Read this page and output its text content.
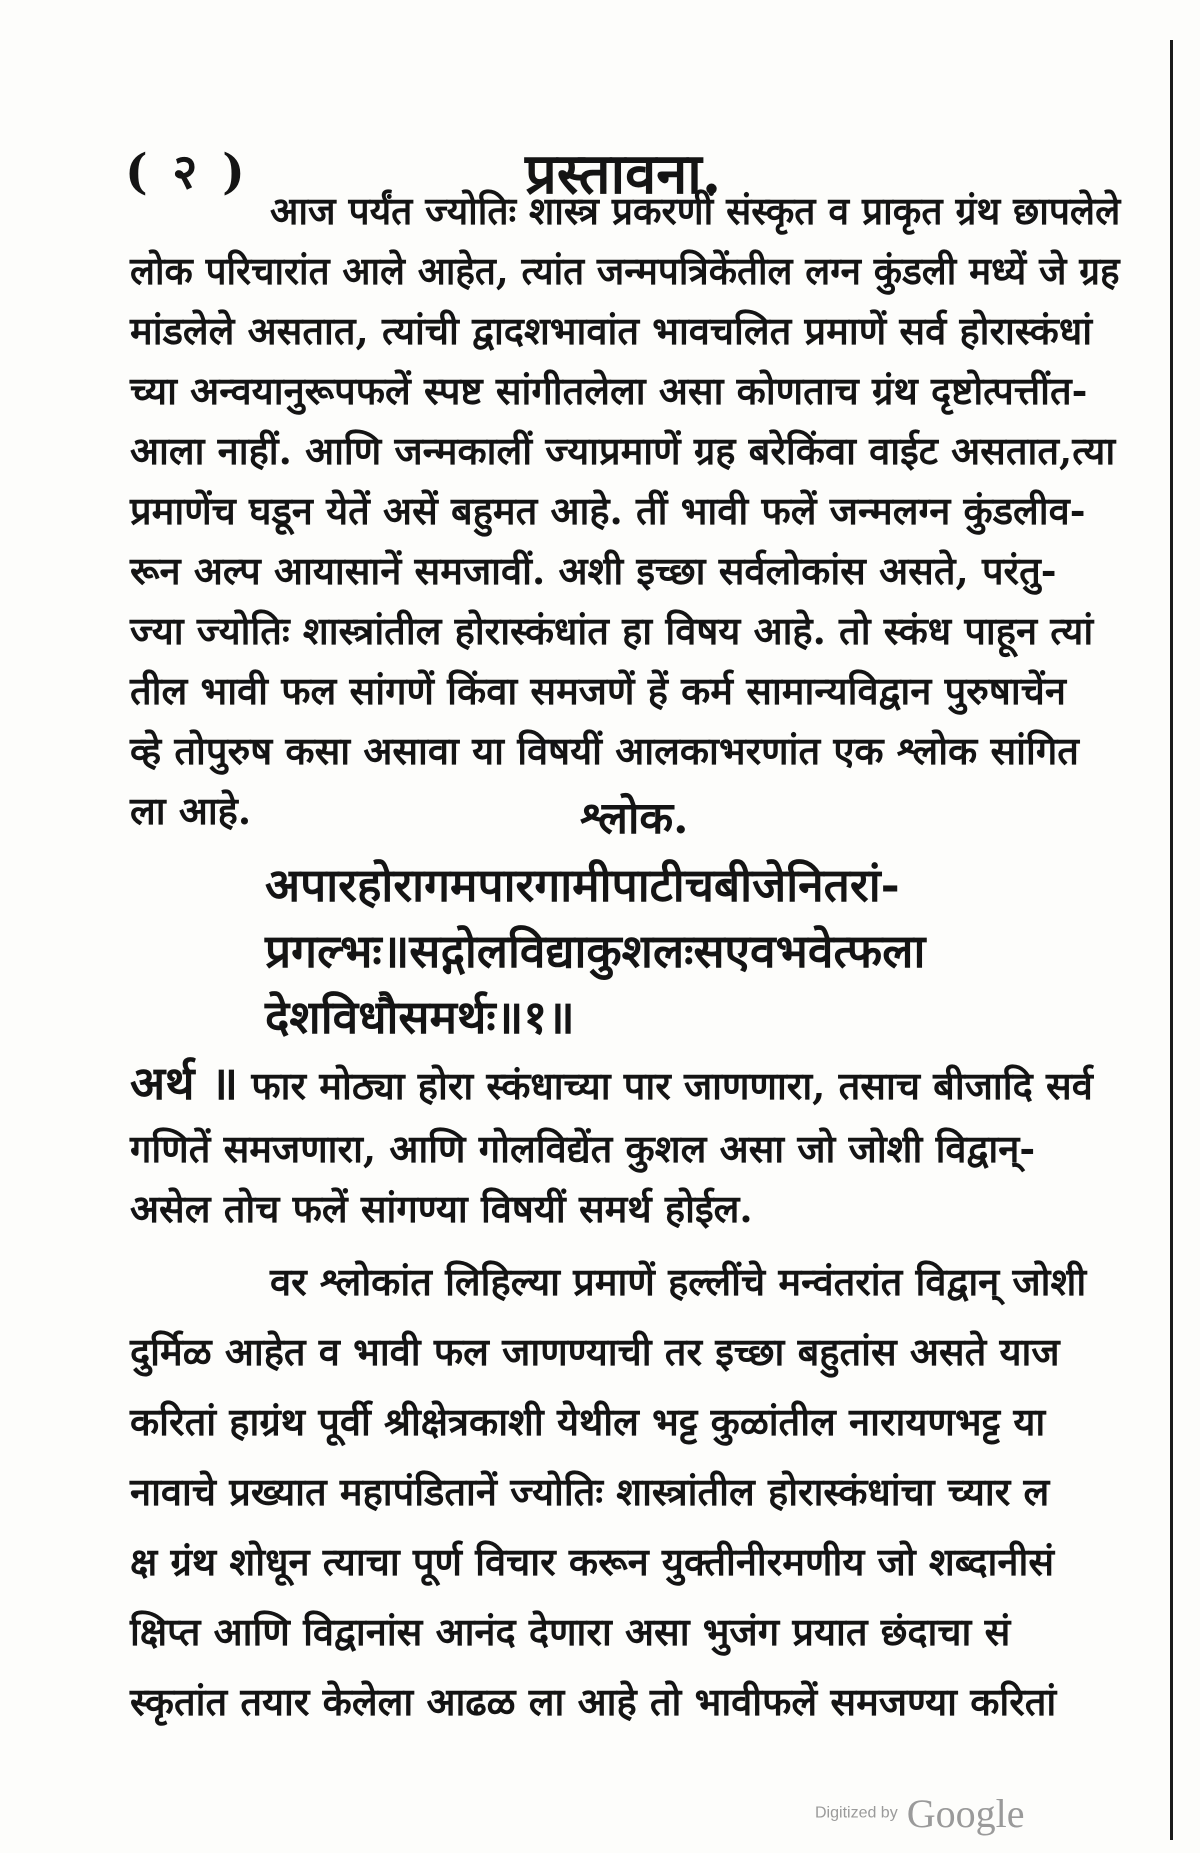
( २ )	प्रस्तावना.
आज पर्यंत ज्योतिः शास्त्र प्रकरणीं संस्कृत व प्राकृत ग्रंथ छापलेले
लोक परिचारांत आले आहेत, त्यांत जन्मपत्रिकेंतील लग्न कुंडली मध्यें जे ग्रह
मांडलेले असतात, त्यांची द्वादशभावांत भावचलित प्रमाणें सर्व होरास्कंधां
च्या अन्वयानुरूपफलें स्पष्ट सांगीतलेला असा कोणताच ग्रंथ दृष्टोत्पत्तींत-
आला नाहीं. आणि जन्मकालीं ज्याप्रमाणें ग्रह बरेकिंवा वाईट असतात,त्या
प्रमाणेंच घडून येतें असें बहुमत आहे. तीं भावी फलें जन्मलग्न कुंडलीव-
रून अल्प आयासानें समजावीं. अशी इच्छा सर्वलोकांस असते, परंतु-
ज्या ज्योतिः शास्त्रांतील होरास्कंधांत हा विषय आहे. तो स्कंध पाहून त्यां
तील भावी फल सांगणें किंवा समजणें हें कर्म सामान्यविद्वान पुरुषाचेंन
व्हे तोपुरुष कसा असावा या विषयीं आलकाभरणांत एक श्लोक सांगित
ला आहे.	श्लोक.
अपारहोरागमपारगामीपाटीचबीजेनितरां-
प्रगल्भः॥सद्गोलविद्याकुशलःसएवभवेत्फला
देशविधौसमर्थः॥१॥
अर्थ ॥ फार मोठ्या होरा स्कंधाच्या पार जाणणारा, तसाच बीजादि सर्व
गणितें समजणारा, आणि गोलविद्येंत कुशल असा जो जोशी विद्वान्-
असेल तोच फलें सांगण्या विषयीं समर्थ होईल.
वर श्लोकांत लिहिल्या प्रमाणें हल्लींचे मन्वंतरांत विद्वान् जोशी
दुर्मिळ आहेत व भावी फल जाणण्याची तर इच्छा बहुतांस असते याज
करितां हाग्रंथ पूर्वी श्रीक्षेत्रकाशी येथील भट्ट कुळांतील नारायणभट्ट या
नावाचे प्रख्यात महापंडितानें ज्योतिः शास्त्रांतील होरास्कंधांचा च्यार ल
क्ष ग्रंथ शोधून त्याचा पूर्ण विचार करून युक्तीनीरमणीय जो शब्दानीसं
क्षिप्त आणि विद्वानांस आनंद देणारा असा भुजंग प्रयात छंदाचा सं
स्कृतांत तयार केलेला आढळ ला आहे तो भावीफलें समजण्या करितां
Digitized by Google
